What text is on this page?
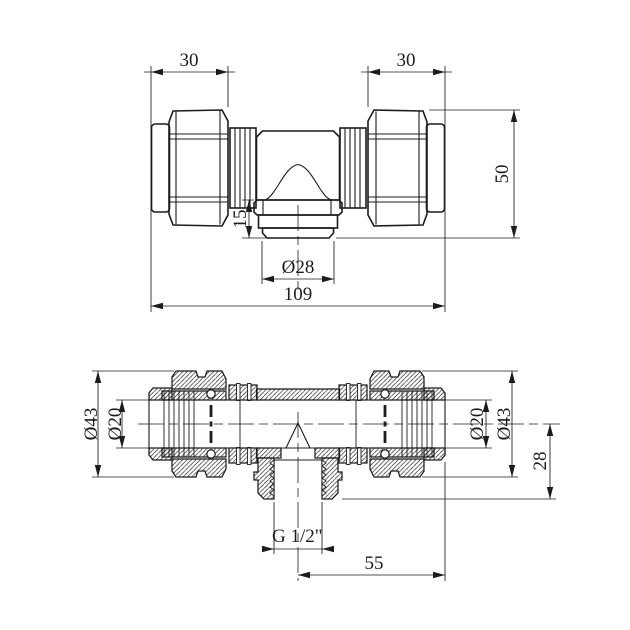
30	30
50
15
Ø28
109
Ø43 Ø20	Ø20 Ø43
28
G 1/2"
55
